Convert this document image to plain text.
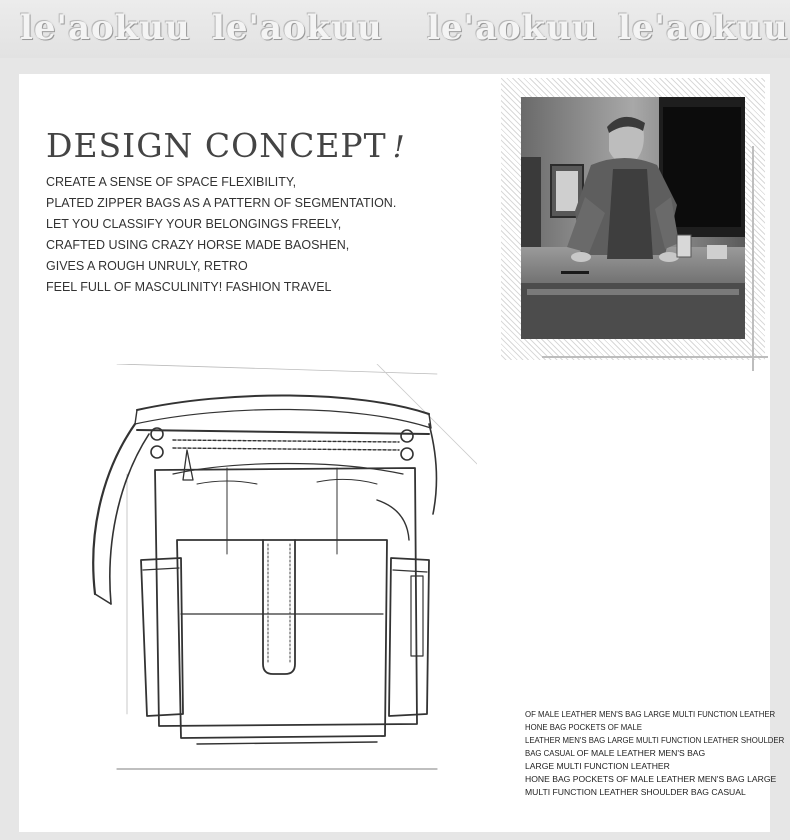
le'aokuu le'aokuu le'aokuu le'aokuu
DESIGN CONCEPT !
CREATE A SENSE OF SPACE FLEXIBILITY,
PLATED ZIPPER BAGS AS A PATTERN OF SEGMENTATION.
LET YOU CLASSIFY YOUR BELONGINGS FREELY,
CRAFTED USING CRAZY HORSE MADE BAOSHEN,
GIVES A ROUGH UNRULY, RETRO
FEEL FULL OF MASCULINITY! FASHION TRAVEL
OF MALE LEATHER MEN'S BAG LARGE MULTI FUNCTION LEATHER
HONE BAG POCKETS OF MALE
LEATHER MEN'S BAG LARGE MULTI FUNCTION LEATHER SHOULDER
BAG CASUAL OF MALE LEATHER MEN'S BAG
LARGE MULTI FUNCTION LEATHER
HONE BAG POCKETS OF MALE LEATHER MEN'S BAG LARGE
MULTI FUNCTION LEATHER SHOULDER BAG CASUAL
